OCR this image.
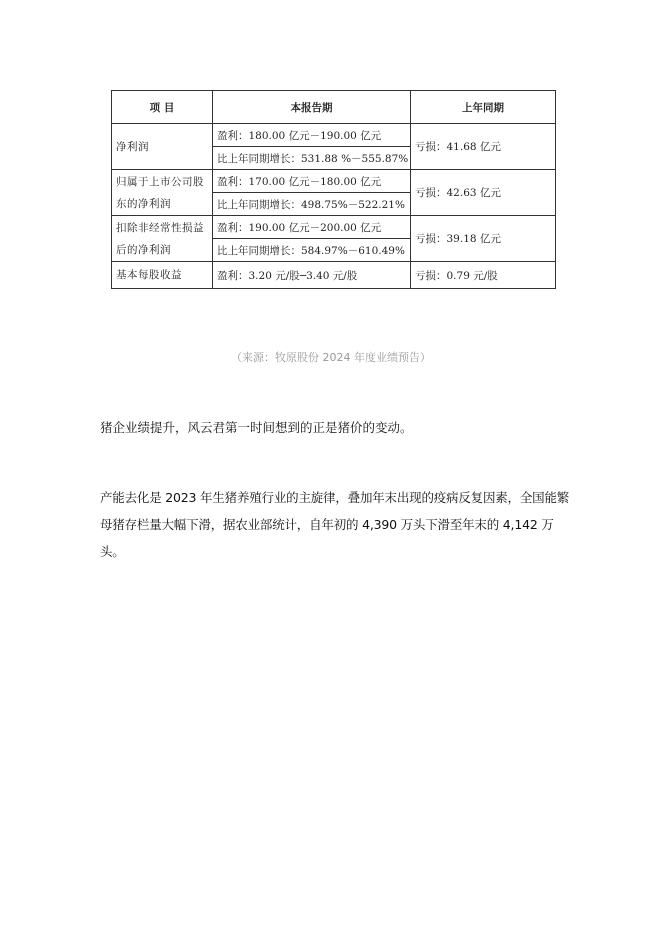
项 目	本报告期	上年同期
净利润	盈利：180.00 亿元－190.00 亿元	亏损：41.68 亿元
	比上年同期增长：531.88 %－555.87%	
归属于上市公司股东的净利润	盈利：170.00 亿元－180.00 亿元	亏损：42.63 亿元
	比上年同期增长：498.75%－522.21%	
扣除非经常性损益后的净利润	盈利：190.00 亿元－200.00 亿元	亏损：39.18 亿元
	比上年同期增长：584.97%－610.49%	
基本每股收益	盈利：3.20 元/股─3.40 元/股	亏损：0.79 元/股
（来源：牧原股份 2024 年度业绩预告）

猪企业绩提升，风云君第一时间想到的正是猪价的变动。

产能去化是 2023 年生猪养殖行业的主旋律，叠加年末出现的疫病反复因素，全国能繁母猪存栏量大幅下滑，据农业部统计，自年初的 4,390 万头下滑至年末的 4,142 万头。
